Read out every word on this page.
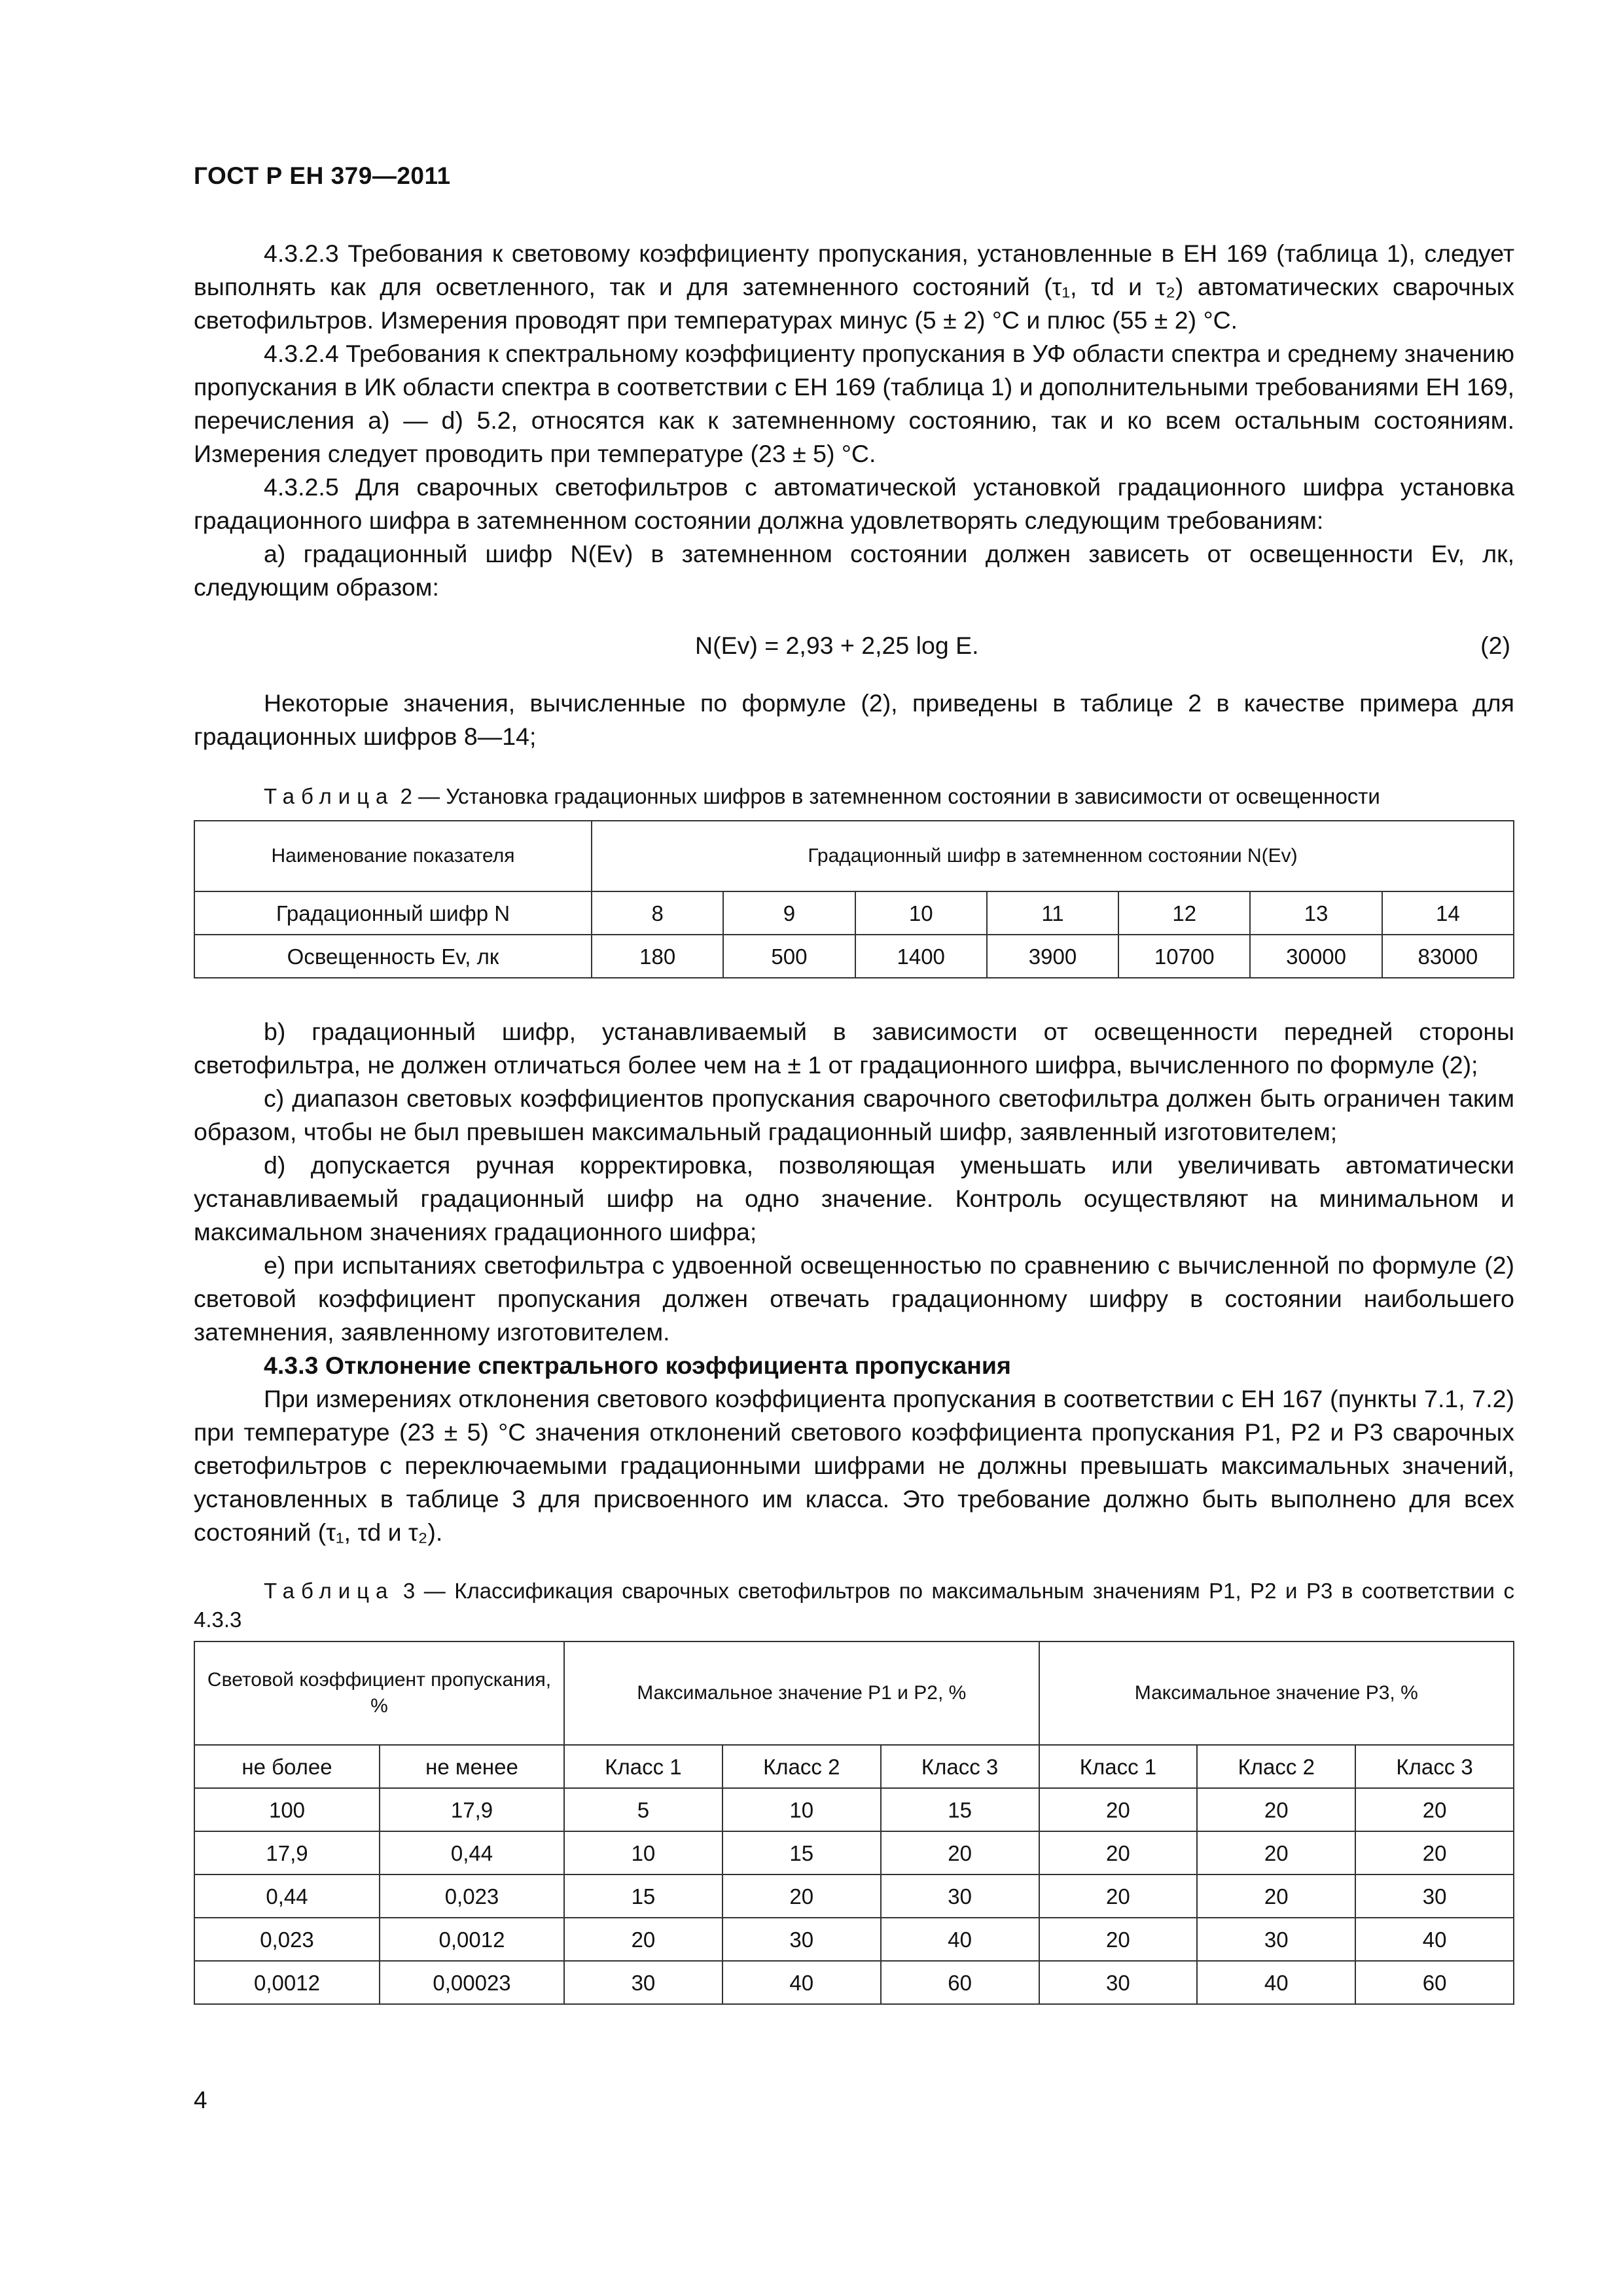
ГОСТ Р ЕН 379—2011

4.3.2.3 Требования к световому коэффициенту пропускания, установленные в ЕН 169 (таблица 1), следует выполнять как для осветленного, так и для затемненного состояний (τ₁, τd и τ₂) автоматических сварочных светофильтров. Измерения проводят при температурах минус (5 ± 2) °С и плюс (55 ± 2) °С.

4.3.2.4 Требования к спектральному коэффициенту пропускания в УФ области спектра и среднему значению пропускания в ИК области спектра в соответствии с ЕН 169 (таблица 1) и дополнительными требованиями ЕН 169, перечисления а) — d) 5.2, относятся как к затемненному состоянию, так и ко всем остальным состояниям. Измерения следует проводить при температуре (23 ± 5) °С.

4.3.2.5 Для сварочных светофильтров с автоматической установкой градационного шифра установка градационного шифра в затемненном состоянии должна удовлетворять следующим требованиям:

а) градационный шифр N(Ev) в затемненном состоянии должен зависеть от освещенности Ev, лк, следующим образом:

N(Ev) = 2,93 + 2,25 log E.	(2)

Некоторые значения, вычисленные по формуле (2), приведены в таблице 2 в качестве примера для градационных шифров 8—14;

Таблица 2 — Установка градационных шифров в затемненном состоянии в зависимости от освещенности

Наименование показателя	Градационный шифр в затемненном состоянии N(Ev)						
Градационный шифр N	8	9	10	11	12	13	14
Освещенность Ev, лк	180	500	1400	3900	10700	30000	83000

b) градационный шифр, устанавливаемый в зависимости от освещенности передней стороны светофильтра, не должен отличаться более чем на ± 1 от градационного шифра, вычисленного по формуле (2);

с) диапазон световых коэффициентов пропускания сварочного светофильтра должен быть ограничен таким образом, чтобы не был превышен максимальный градационный шифр, заявленный изготовителем;

d) допускается ручная корректировка, позволяющая уменьшать или увеличивать автоматически устанавливаемый градационный шифр на одно значение. Контроль осуществляют на минимальном и максимальном значениях градационного шифра;

е) при испытаниях светофильтра с удвоенной освещенностью по сравнению с вычисленной по формуле (2) световой коэффициент пропускания должен отвечать градационному шифру в состоянии наибольшего затемнения, заявленному изготовителем.

4.3.3 Отклонение спектрального коэффициента пропускания

При измерениях отклонения светового коэффициента пропускания в соответствии с ЕН 167 (пункты 7.1, 7.2) при температуре (23 ± 5) °С значения отклонений светового коэффициента пропускания P1, P2 и P3 сварочных светофильтров с переключаемыми градационными шифрами не должны превышать максимальных значений, установленных в таблице 3 для присвоенного им класса. Это требование должно быть выполнено для всех состояний (τ₁, τd и τ₂).

Таблица 3 — Классификация сварочных светофильтров по максимальным значениям P1, P2 и P3 в соответствии с 4.3.3

Световой коэффициент пропускания, %		Максимальное значение P1 и P2, %			Максимальное значение P3, %		
не более	не менее	Класс 1	Класс 2	Класс 3	Класс 1	Класс 2	Класс 3
100	17,9	5	10	15	20	20	20
17,9	0,44	10	15	20	20	20	20
0,44	0,023	15	20	30	20	20	30
0,023	0,0012	20	30	40	20	30	40
0,0012	0,00023	30	40	60	30	40	60
4
